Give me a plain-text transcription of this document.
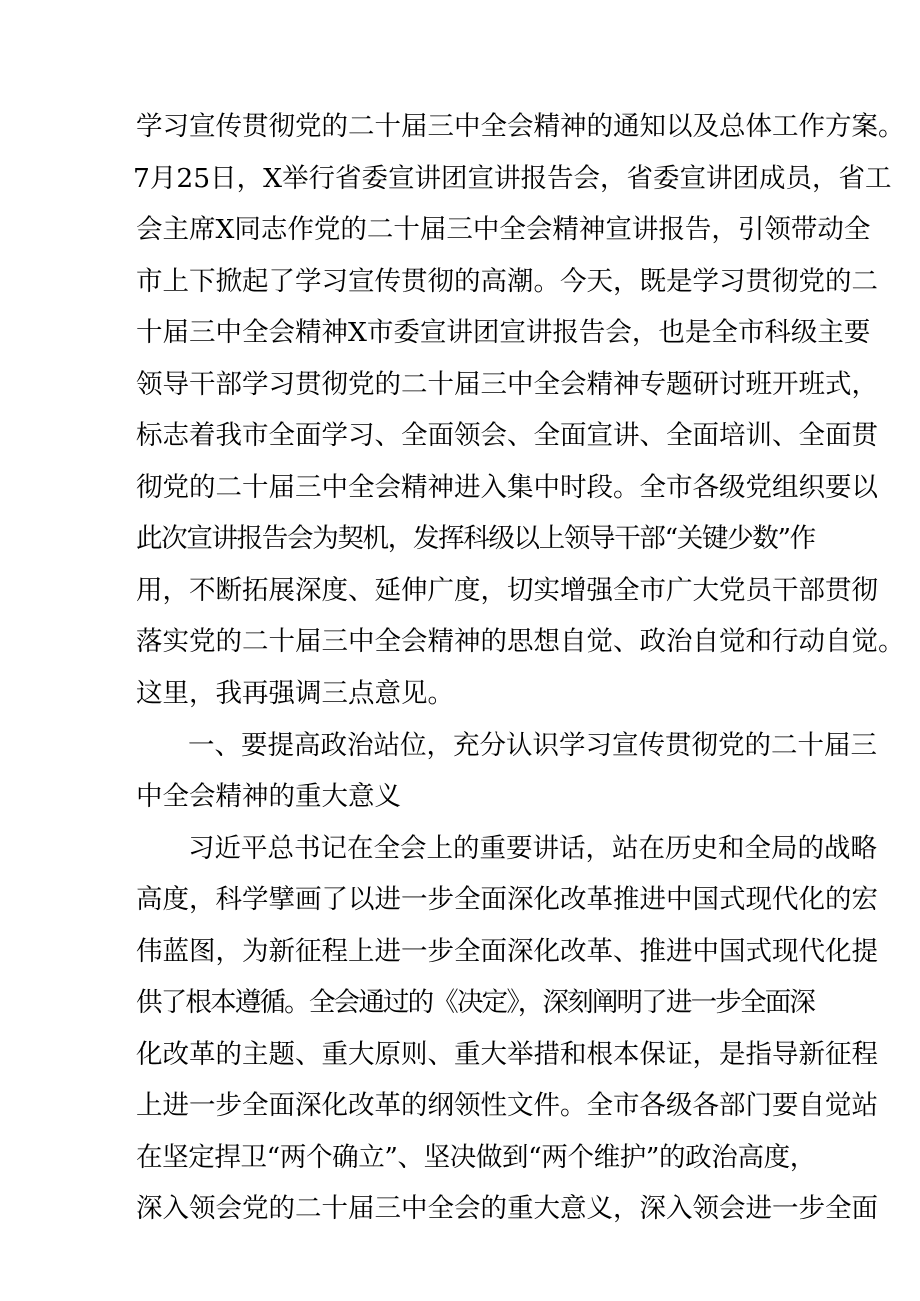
学习宣传贯彻党的二十届三中全会精神的通知以及总体工作方案。
7月25日，X举行省委宣讲团宣讲报告会，省委宣讲团成员，省工
会主席X同志作党的二十届三中全会精神宣讲报告，引领带动全
市上下掀起了学习宣传贯彻的高潮。今天，既是学习贯彻党的二
十届三中全会精神X市委宣讲团宣讲报告会，也是全市科级主要
领导干部学习贯彻党的二十届三中全会精神专题研讨班开班式，
标志着我市全面学习、全面领会、全面宣讲、全面培训、全面贯
彻党的二十届三中全会精神进入集中时段。全市各级党组织要以
此次宣讲报告会为契机，发挥科级以上领导干部“关键少数”作
用，不断拓展深度、延伸广度，切实增强全市广大党员干部贯彻
落实党的二十届三中全会精神的思想自觉、政治自觉和行动自觉。
这里，我再强调三点意见。
一、要提高政治站位，充分认识学习宣传贯彻党的二十届三
中全会精神的重大意义
习近平总书记在全会上的重要讲话，站在历史和全局的战略
高度，科学擘画了以进一步全面深化改革推进中国式现代化的宏
伟蓝图，为新征程上进一步全面深化改革、推进中国式现代化提
供了根本遵循。全会通过的《决定》，深刻阐明了进一步全面深
化改革的主题、重大原则、重大举措和根本保证，是指导新征程
上进一步全面深化改革的纲领性文件。全市各级各部门要自觉站
在坚定捍卫“两个确立”、坚决做到“两个维护”的政治高度，
深入领会党的二十届三中全会的重大意义，深入领会进一步全面
